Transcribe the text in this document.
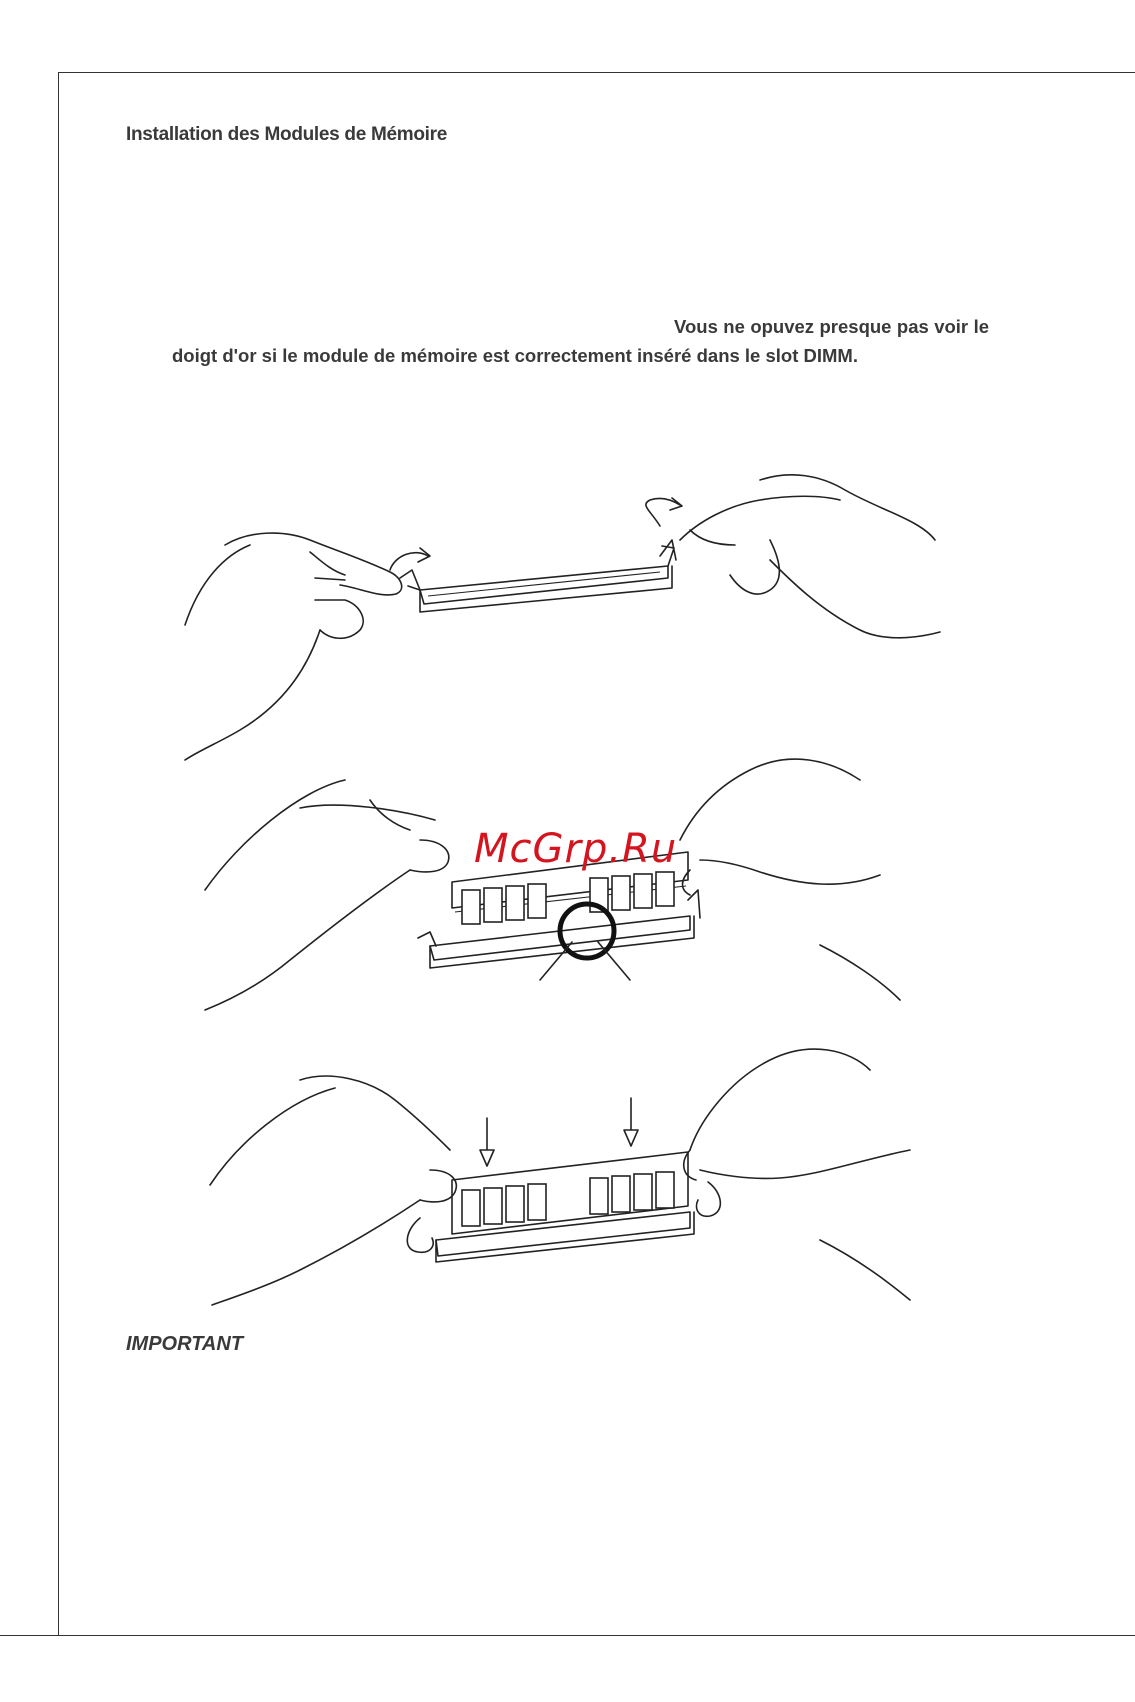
Installation des Modules de Mémoire

Vous ne opuvez presque pas voir le doigt d'or si le module de mémoire est correctement inséré dans le slot DIMM.

McGrp.Ru
IMPORTANT
